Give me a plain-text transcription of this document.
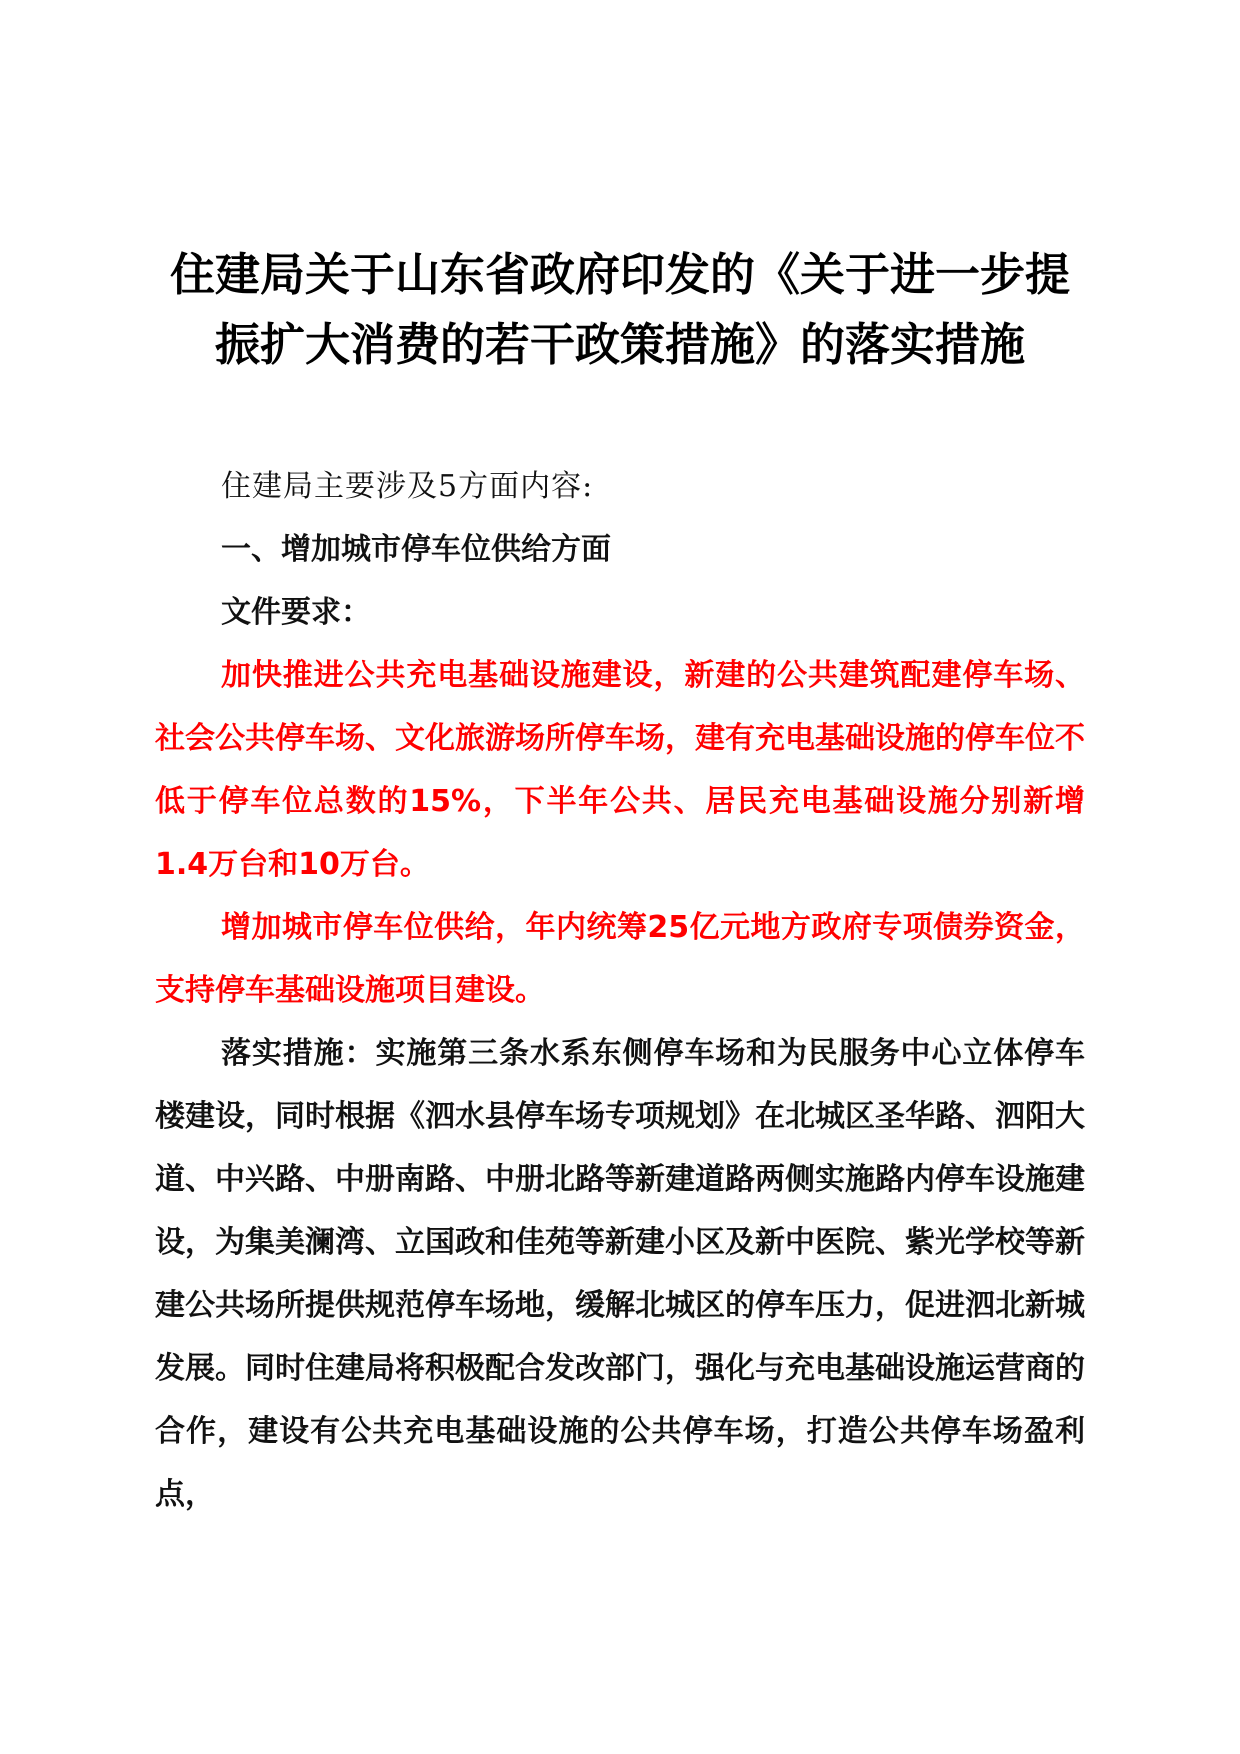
住建局关于山东省政府印发的《关于进一步提
振扩大消费的若干政策措施》的落实措施

住建局主要涉及5方面内容:

一、增加城市停车位供给方面

文件要求：

加快推进公共充电基础设施建设，新建的公共建筑配建停车场、社会公共停车场、文化旅游场所停车场，建有充电基础设施的停车位不低于停车位总数的15%，下半年公共、居民充电基础设施分别新增1.4万台和10万台。

增加城市停车位供给，年内统筹25亿元地方政府专项债券资金，支持停车基础设施项目建设。

落实措施：实施第三条水系东侧停车场和为民服务中心立体停车楼建设，同时根据《泗水县停车场专项规划》在北城区圣华路、泗阳大道、中兴路、中册南路、中册北路等新建道路两侧实施路内停车设施建设，为集美澜湾、立国政和佳苑等新建小区及新中医院、紫光学校等新建公共场所提供规范停车场地，缓解北城区的停车压力，促进泗北新城发展。同时住建局将积极配合发改部门，强化与充电基础设施运营商的合作，建设有公共充电基础设施的公共停车场，打造公共停车场盈利点，
